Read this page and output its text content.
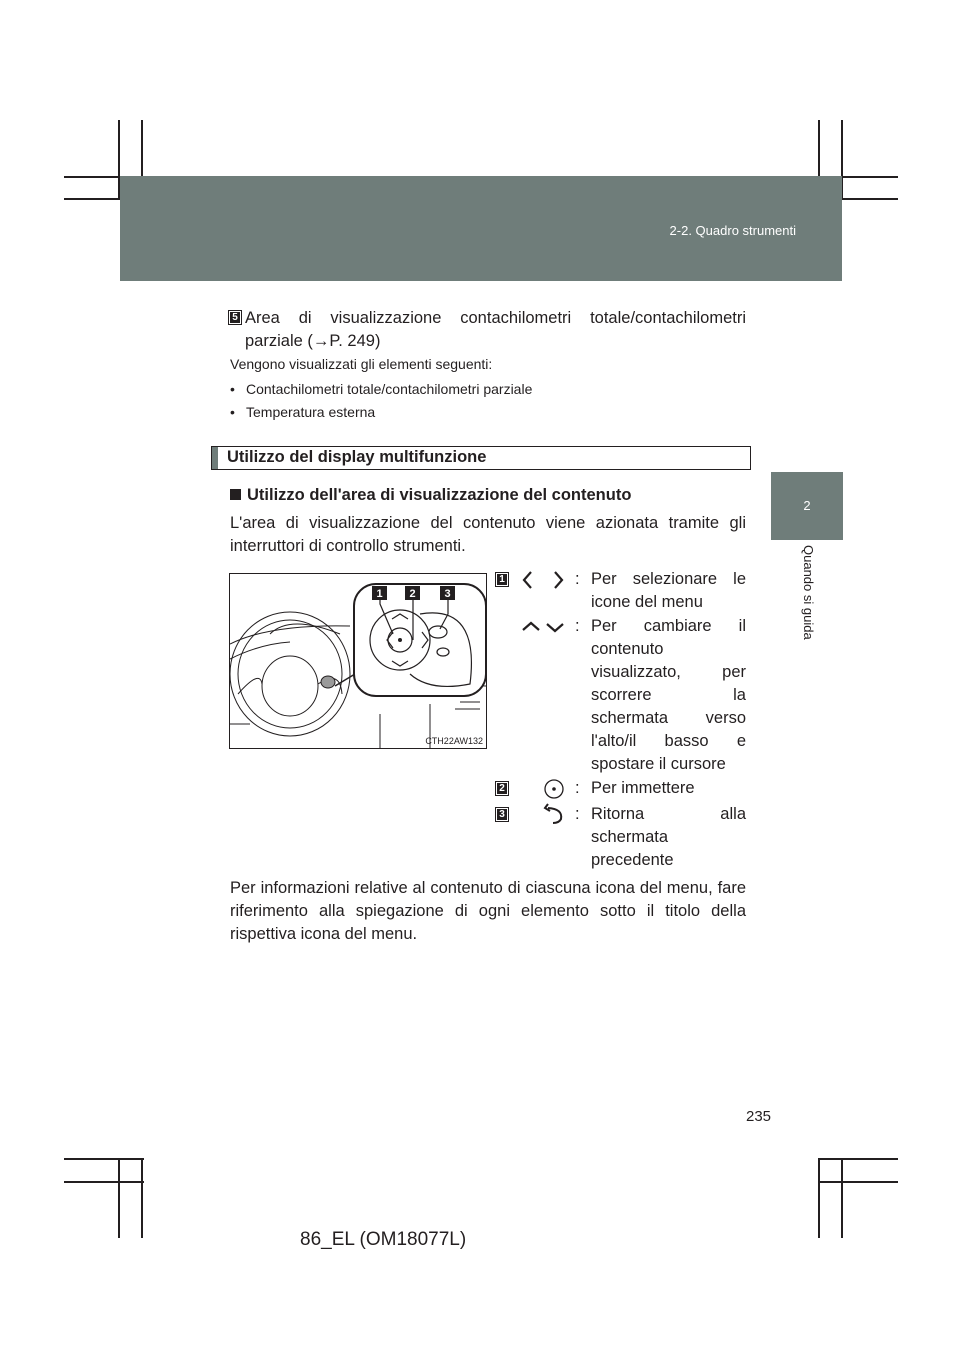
2-2. Quadro strumenti
2
Quando si guida
5 Area di visualizzazione contachilometri totale/contachilometri parziale (→P. 249)
Vengono visualizzati gli elementi seguenti:
• Contachilometri totale/contachilometri parziale
• Temperatura esterna
Utilizzo del display multifunzione
Utilizzo dell'area di visualizzazione del contenuto
L'area di visualizzazione del contenuto viene azionata tramite gli interruttori di controllo strumenti.
1 2	3
CTH22AW132
1	: Per selezionare le
icone del menu
: Per cambiare il
contenuto
visualizzato, per
scorrere la
schermata verso
l'alto/il basso e
spostare il cursore
2	: Per immettere
3	: Ritorna alla
schermata
precedente
Per informazioni relative al contenuto di ciascuna icona del menu, fare riferimento alla spiegazione di ogni elemento sotto il titolo della rispettiva icona del menu.
235
86_EL (OM18077L)
